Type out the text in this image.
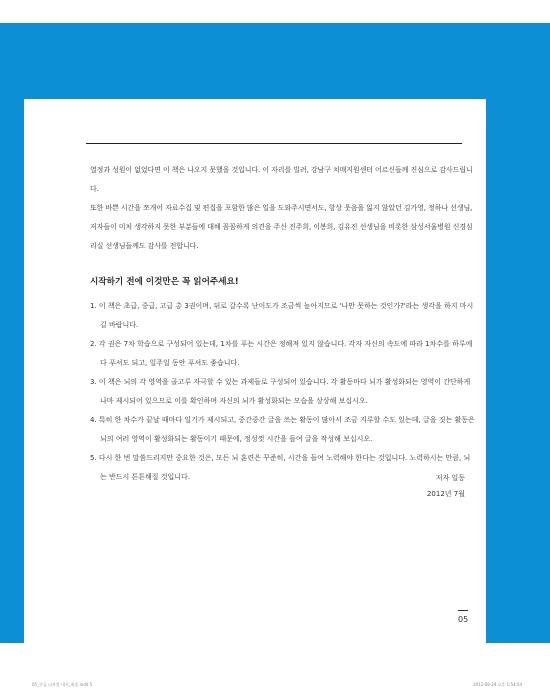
열정과 성원이 없었다면 이 책은 나오지 못했을 것입니다. 이 자리를 빌려, 강남구 치매지원센터 어르신들께 진심으로 감사드립니다.
또한 바쁜 시간을 쪼개어 자료수집 및 편집을 포함한 많은 일을 도와주시면서도, 항상 웃음을 잃지 않았던 김가영, 정하나 선생님, 저자들이 미처 생각하지 못한 부분들에 대해 꼼꼼하게 의견을 주신 진주희, 이봉희, 김유진 선생님을 비롯한 삼성서울병원 신경심리실 선생님들께도 감사를 전합니다.
시작하기 전에 이것만은 꼭 읽어주세요!
1. 이 책은 초급, 중급, 고급 총 3권이며, 뒤로 갈수록 난이도가 조금씩 높아지므로 '나만 못하는 것인가?'라는 생각을 하지 마시길 바랍니다.
2. 각 권은 7차 학습으로 구성되어 있는데, 1차를 푸는 시간은 정해져 있지 않습니다. 각자 자신의 속도에 따라 1차수를 하루에 다 푸셔도 되고, 일주일 동안 푸셔도 좋습니다.
3. 이 책은 뇌의 각 영역을 골고루 자극할 수 있는 과제들로 구성되어 있습니다. 각 활동마다 뇌가 활성화되는 영역이 간단하게나마 제시되어 있으므로 이를 확인하며 자신의 뇌가 활성화되는 모습을 상상해 보십시오.
4. 특히 한 차수가 끝날 때마다 일기가 제시되고, 중간중간 글을 쓰는 활동이 많아서 조금 지루할 수도 있는데, 글을 짓는 활동은 뇌의 여러 영역이 활성화되는 활동이기 때문에, 정성껏 시간을 들여 글을 작성해 보십시오.
5. 다시 한 번 말씀드리지만 중요한 것은, 모든 뇌 훈련은 꾸준히, 시간을 들여 노력해야 한다는 것입니다. 노력하시는 만큼, 뇌는 반드시 튼튼해질 것입니다.	저자 일동
2012년 7월
05
05_중급 뇌자람 내지_최종.indd 5	2012-08-29 오후 1:54:54
